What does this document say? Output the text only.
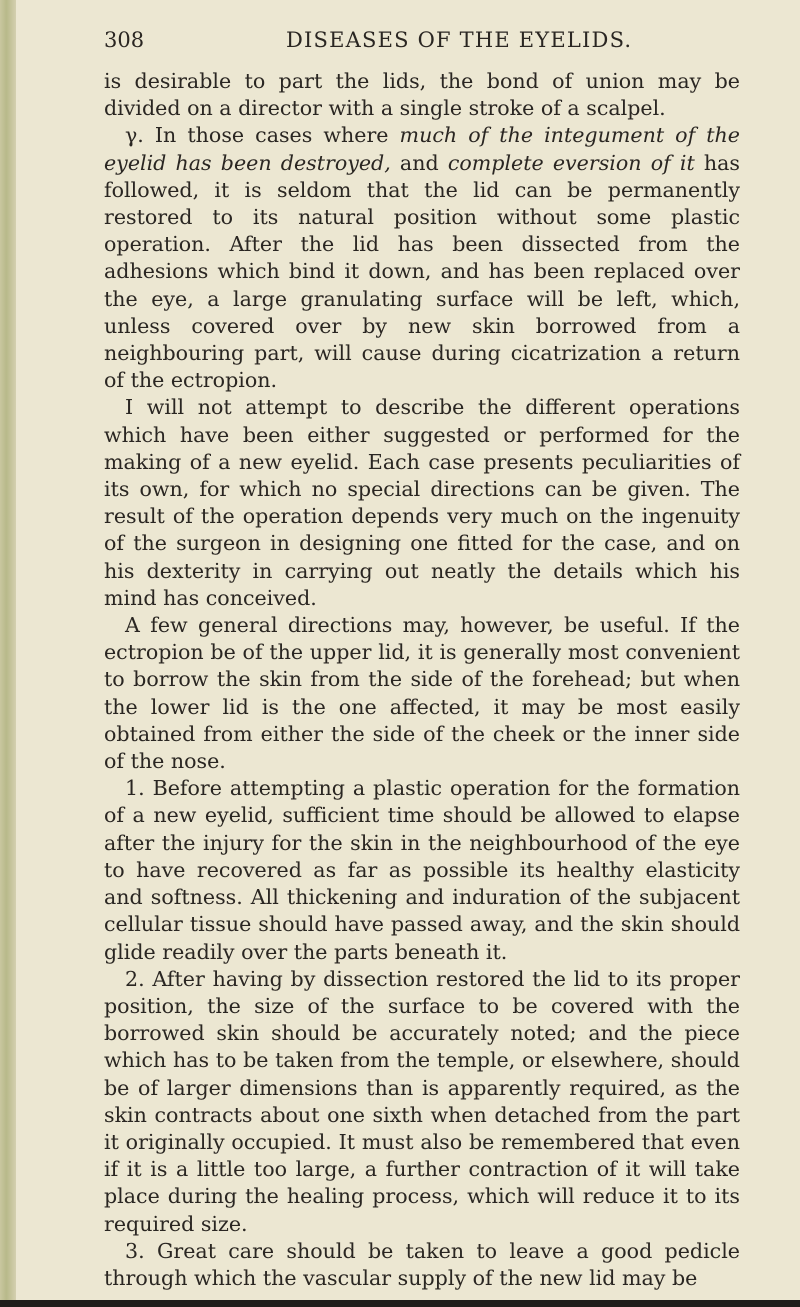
308	DISEASES OF THE EYELIDS.

is desirable to part the lids, the bond of union may be divided on a director with a single stroke of a scalpel.

γ. In those cases where much of the integument of the eyelid has been destroyed, and complete eversion of it has followed, it is seldom that the lid can be permanently restored to its natural position without some plastic operation. After the lid has been dissected from the adhesions which bind it down, and has been replaced over the eye, a large granulating surface will be left, which, unless covered over by new skin borrowed from a neighbouring part, will cause during cicatrization a return of the ectropion.

I will not attempt to describe the different operations which have been either suggested or performed for the making of a new eyelid. Each case presents peculiarities of its own, for which no special directions can be given. The result of the operation depends very much on the ingenuity of the surgeon in designing one fitted for the case, and on his dexterity in carrying out neatly the details which his mind has conceived.

A few general directions may, however, be useful. If the ectropion be of the upper lid, it is generally most convenient to borrow the skin from the side of the forehead; but when the lower lid is the one affected, it may be most easily obtained from either the side of the cheek or the inner side of the nose.

1. Before attempting a plastic operation for the formation of a new eyelid, sufficient time should be allowed to elapse after the injury for the skin in the neighbourhood of the eye to have recovered as far as possible its healthy elasticity and softness. All thickening and induration of the subjacent cellular tissue should have passed away, and the skin should glide readily over the parts beneath it.

2. After having by dissection restored the lid to its proper position, the size of the surface to be covered with the borrowed skin should be accurately noted; and the piece which has to be taken from the temple, or elsewhere, should be of larger dimensions than is apparently required, as the skin contracts about one sixth when detached from the part it originally occupied. It must also be remembered that even if it is a little too large, a further contraction of it will take place during the healing process, which will reduce it to its required size.

3. Great care should be taken to leave a good pedicle through which the vascular supply of the new lid may be
